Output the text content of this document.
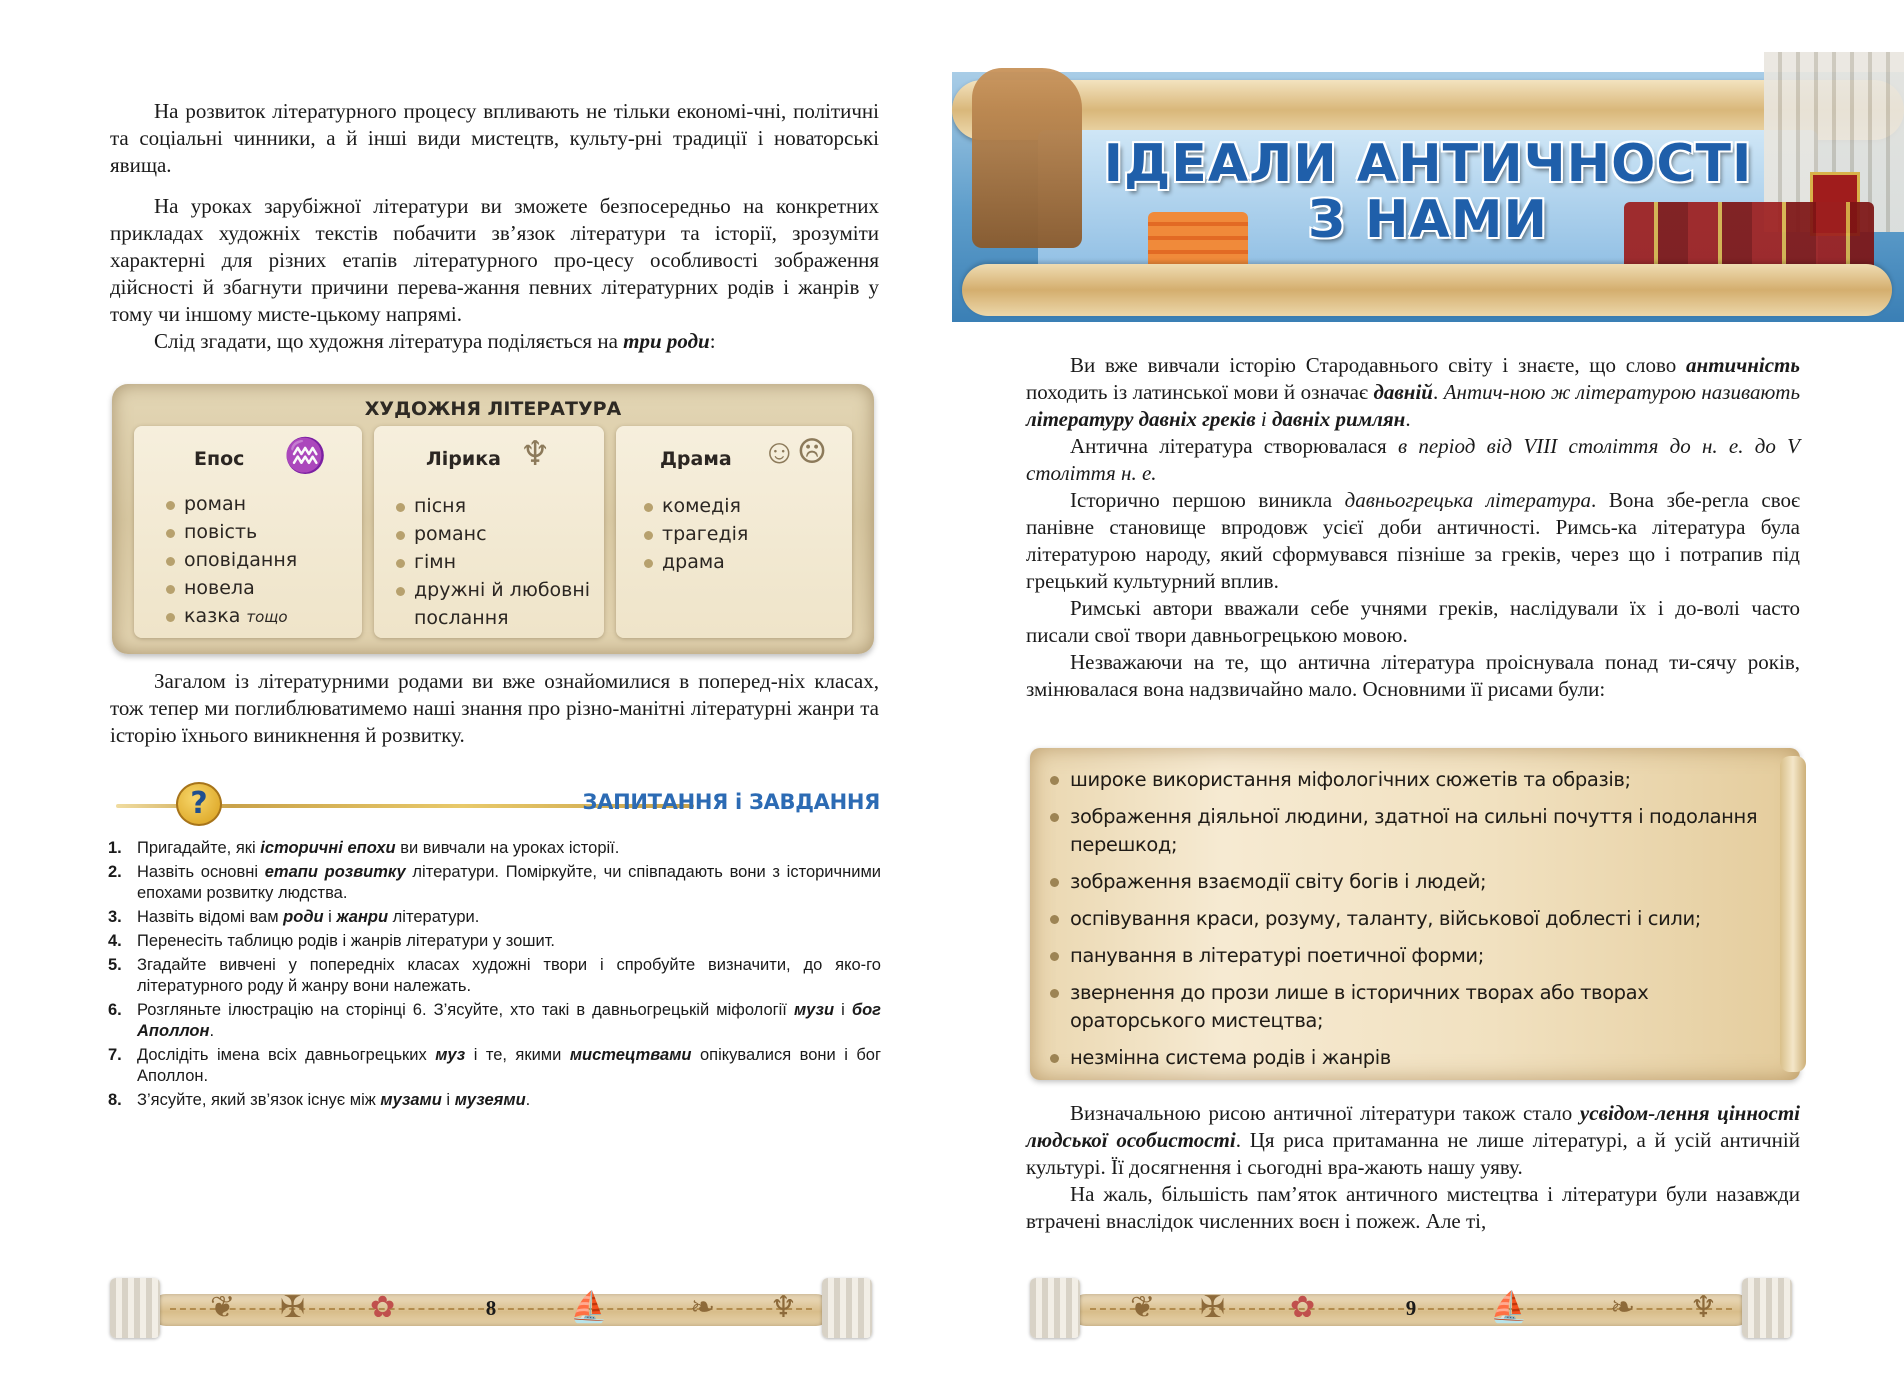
На розвиток літературного процесу впливають не тільки економі-чні, політичні та соціальні чинники, а й інші види мистецтв, культу-рні традиції і новаторські явища.

На уроках зарубіжної літератури ви зможете безпосередньо на конкретних прикладах художніх текстів побачити зв’язок літератури та історії, зрозуміти характерні для різних етапів літературного про-цесу особливості зображення дійсності й збагнути причини перева-жання певних літературних родів і жанрів у тому чи іншому мисте-цькому напрямі.

Слід згадати, що художня література поділяється на три роди:

ХУДОЖНЯ ЛІТЕРАТУРА
Епос ♒
роман
повість
оповідання
новела
казка тощо
Лірика ♆
пісня
романс
гімн
дружні й любовні послання
Драма ☺☹
комедія
трагедія
драма

Загалом із літературними родами ви вже ознайомилися в поперед-ніх класах, тож тепер ми поглиблюватимемо наші знання про різно-манітні літературні жанри та історію їхнього виникнення й розвитку.

?	ЗАПИТАННЯ і ЗАВДАННЯ
1. Пригадайте, які історичні епохи ви вивчали на уроках історії.
2. Назвіть основні етапи розвитку літератури. Поміркуйте, чи співпадають вони з історичними епохами розвитку людства.
3. Назвіть відомі вам роди і жанри літератури.
4. Перенесіть таблицю родів і жанрів літератури у зошит.
5. Згадайте вивчені у попередніх класах художні твори і спробуйте визначити, до яко-го літературного роду й жанру вони належать.
6. Розгляньте ілюстрацію на сторінці 6. З’ясуйте, хто такі в давньогрецькій міфології музи і бог Аполлон.
7. Дослідіть імена всіх давньогрецьких муз і те, якими мистецтвами опікувалися вони і бог Аполлон.
8. З’ясуйте, який зв’язок існує між музами і музеями.
❦ ✠ ✿	⛵	❧ ♆
8
ІДЕАЛИ АНТИЧНОСТІ
З НАМИ

Ви вже вивчали історію Стародавнього світу і знаєте, що слово античність походить із латинської мови й означає давній. Антич-ною ж літературою називають літературу давніх греків і давніх римлян.

Антична література створювалася в період від VIII століття до н. е. до V століття н. е.

Історично першою виникла давньогрецька література. Вона збе-регла своє панівне становище впродовж усієї доби античності. Римсь-ка література була літературою народу, який сформувався пізніше за греків, через що і потрапив під грецький культурний вплив.

Римські автори вважали себе учнями греків, наслідували їх і до-волі часто писали свої твори давньогрецькою мовою.

Незважаючи на те, що антична література проіснувала понад ти-сячу років, змінювалася вона надзвичайно мало. Основними її рисами були:

широке використання міфологічних сюжетів та образів;
зображення діяльної людини, здатної на сильні почуття і подолання перешкод;
зображення взаємодії світу богів і людей;
оспівування краси, розуму, таланту, військової доблесті і сили;
панування в літературі поетичної форми;
звернення до прози лише в історичних творах або творах ораторського мистецтва;
незмінна система родів і жанрів

Визначальною рисою античної літератури також стало усвідом-лення цінності людської особистості. Ця риса притаманна не лише літературі, а й усій античній культурі. Її досягнення і сьогодні вра-жають нашу уяву.

На жаль, більшість пам’яток античного мистецтва і літератури були назавжди втрачені внаслідок численних воєн і пожеж. Але ті,

❦ ✠ ✿	⛵	❧ ♆
9
